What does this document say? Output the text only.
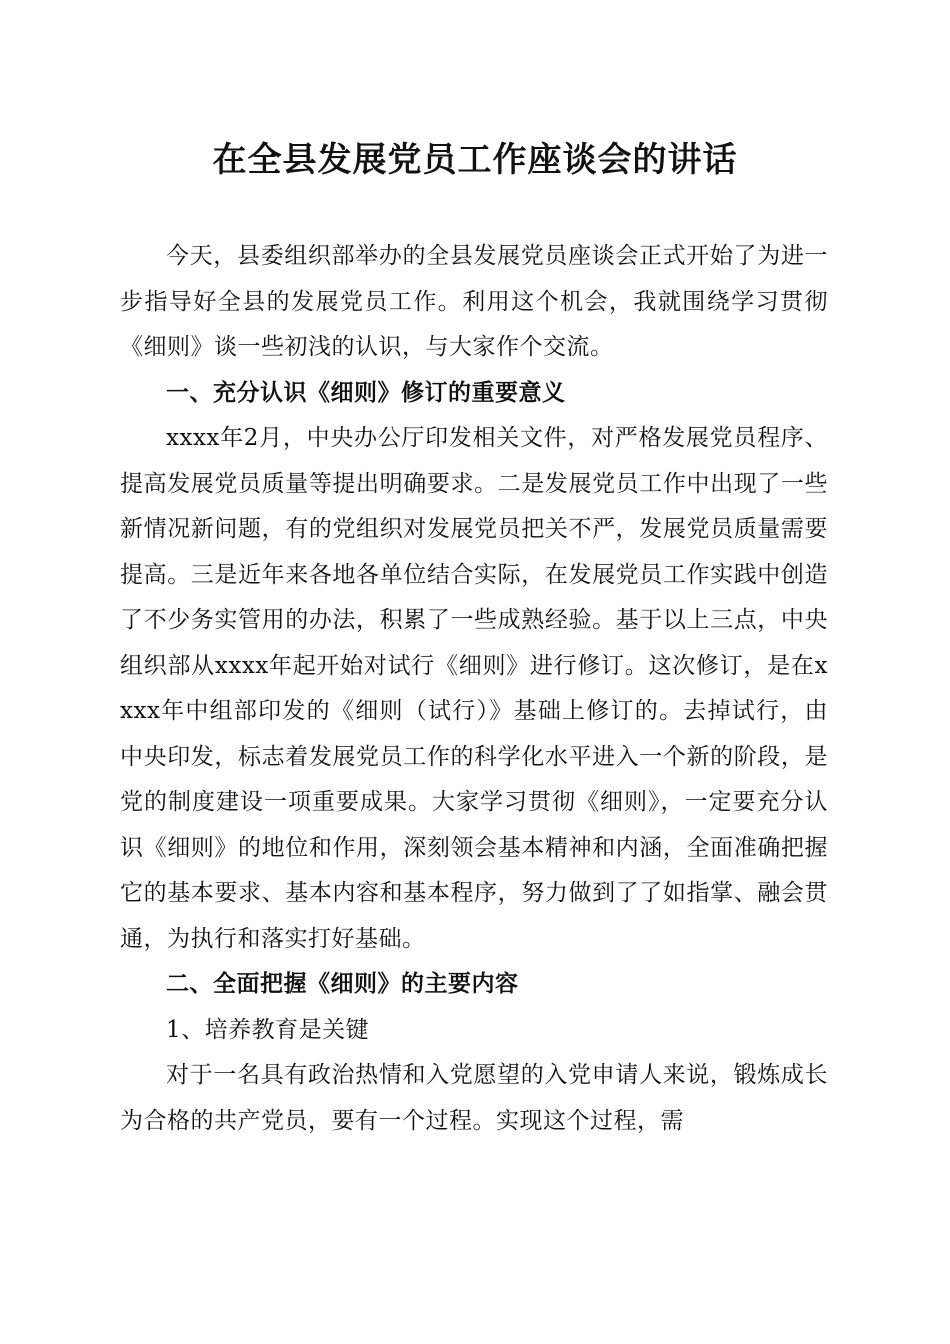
在全县发展党员工作座谈会的讲话

今天，县委组织部举办的全县发展党员座谈会正式开始了为进一步指导好全县的发展党员工作。利用这个机会，我就围绕学习贯彻《细则》谈一些初浅的认识，与大家作个交流。

一、充分认识《细则》修订的重要意义

xxxx年2月，中央办公厅印发相关文件，对严格发展党员程序、提高发展党员质量等提出明确要求。二是发展党员工作中出现了一些新情况新问题，有的党组织对发展党员把关不严，发展党员质量需要提高。三是近年来各地各单位结合实际，在发展党员工作实践中创造了不少务实管用的办法，积累了一些成熟经验。基于以上三点，中央组织部从xxxx年起开始对试行《细则》进行修订。这次修订，是在xxxx年中组部印发的《细则（试行）》基础上修订的。去掉试行，由中央印发，标志着发展党员工作的科学化水平进入一个新的阶段，是党的制度建设一项重要成果。大家学习贯彻《细则》，一定要充分认识《细则》的地位和作用，深刻领会基本精神和内涵，全面准确把握它的基本要求、基本内容和基本程序，努力做到了了如指掌、融会贯通，为执行和落实打好基础。

二、全面把握《细则》的主要内容

1、培养教育是关键

对于一名具有政治热情和入党愿望的入党申请人来说，锻炼成长为合格的共产党员，要有一个过程。实现这个过程，需
